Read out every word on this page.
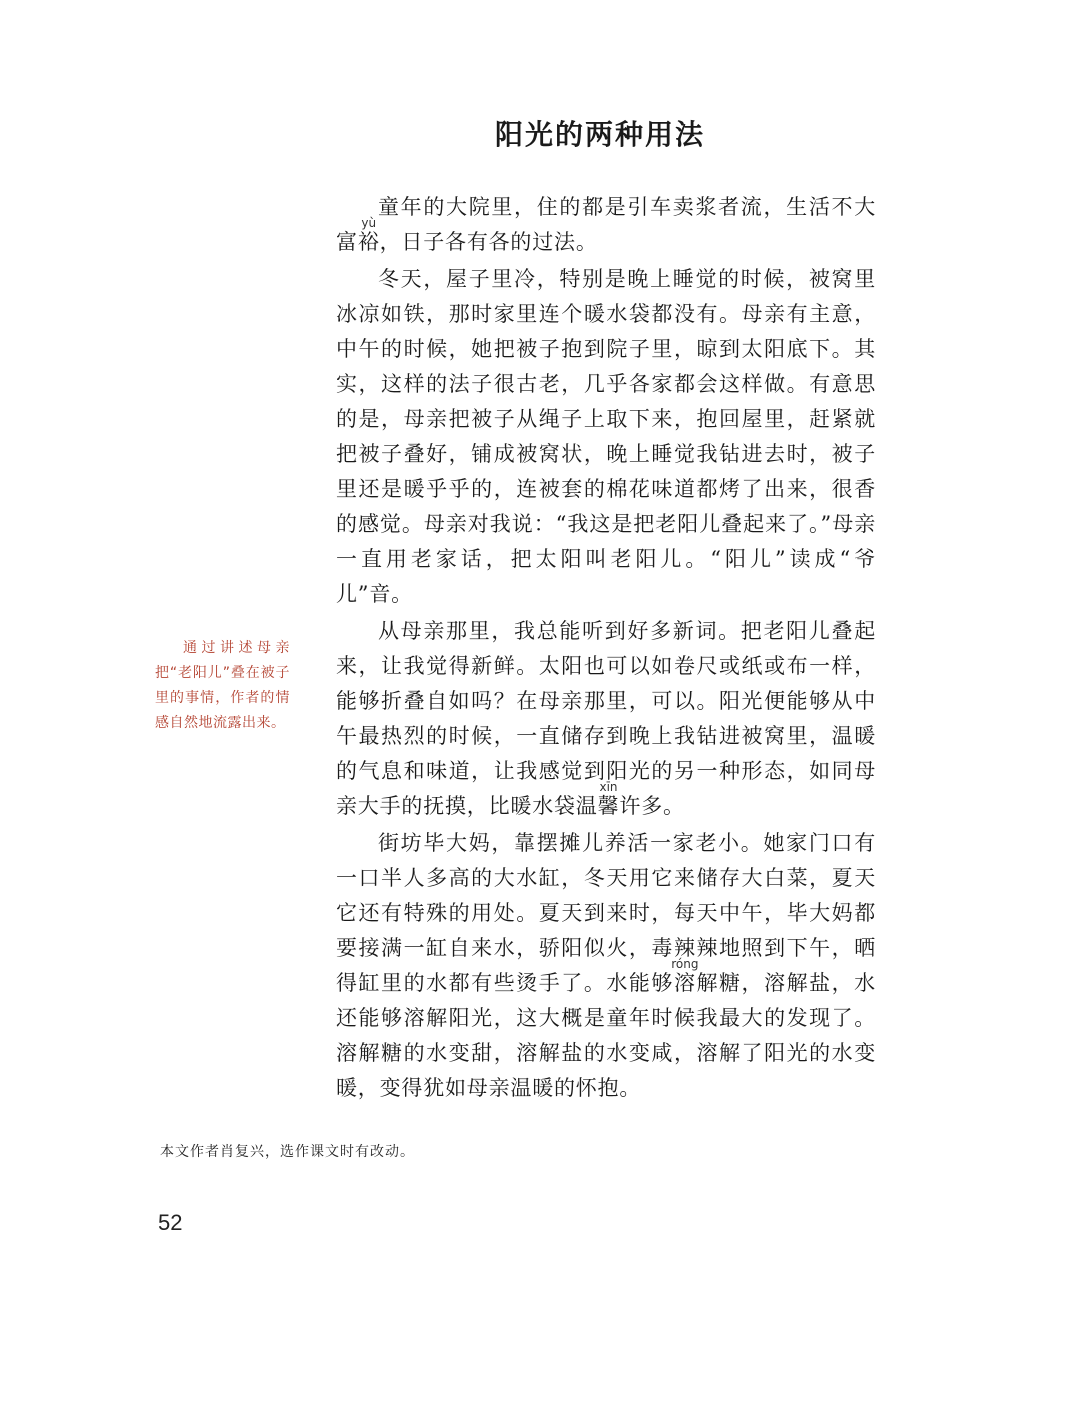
阳光的两种用法

童年的大院里，住的都是引车卖浆者流，生活不大富裕yù，日子各有各的过法。

冬天，屋子里冷，特别是晚上睡觉的时候，被窝里冰凉如铁，那时家里连个暖水袋都没有。母亲有主意，中午的时候，她把被子抱到院子里，晾到太阳底下。其实，这样的法子很古老，几乎各家都会这样做。有意思的是，母亲把被子从绳子上取下来，抱回屋里，赶紧就把被子叠好，铺成被窝状，晚上睡觉我钻进去时，被子里还是暖乎乎的，连被套的棉花味道都烤了出来，很香的感觉。母亲对我说：“我这是把老阳儿叠起来了。”母亲一直用老家话，把太阳叫老阳儿。“阳儿”读成“爷儿”音。

从母亲那里，我总能听到好多新词。把老阳儿叠起来，让我觉得新鲜。太阳也可以如卷尺或纸或布一样，能够折叠自如吗？在母亲那里，可以。阳光便能够从中午最热烈的时候，一直储存到晚上我钻进被窝里，温暖的气息和味道，让我感觉到阳光的另一种形态，如同母亲大手的抚摸，比暖水袋温馨xīn许多。

街坊毕大妈，靠摆摊儿养活一家老小。她家门口有一口半人多高的大水缸，冬天用它来储存大白菜，夏天它还有特殊的用处。夏天到来时，每天中午，毕大妈都要接满一缸自来水，骄阳似火，毒辣辣地照到下午，晒得缸里的水都有些烫手了。水能够溶róng解糖，溶解盐，水还能够溶解阳光，这大概是童年时候我最大的发现了。溶解糖的水变甜，溶解盐的水变咸，溶解了阳光的水变暖，变得犹如母亲温暖的怀抱。

通过讲述母亲把“老阳儿”叠在被子里的事情，作者的情感自然地流露出来。
本文作者肖复兴，选作课文时有改动。
52
